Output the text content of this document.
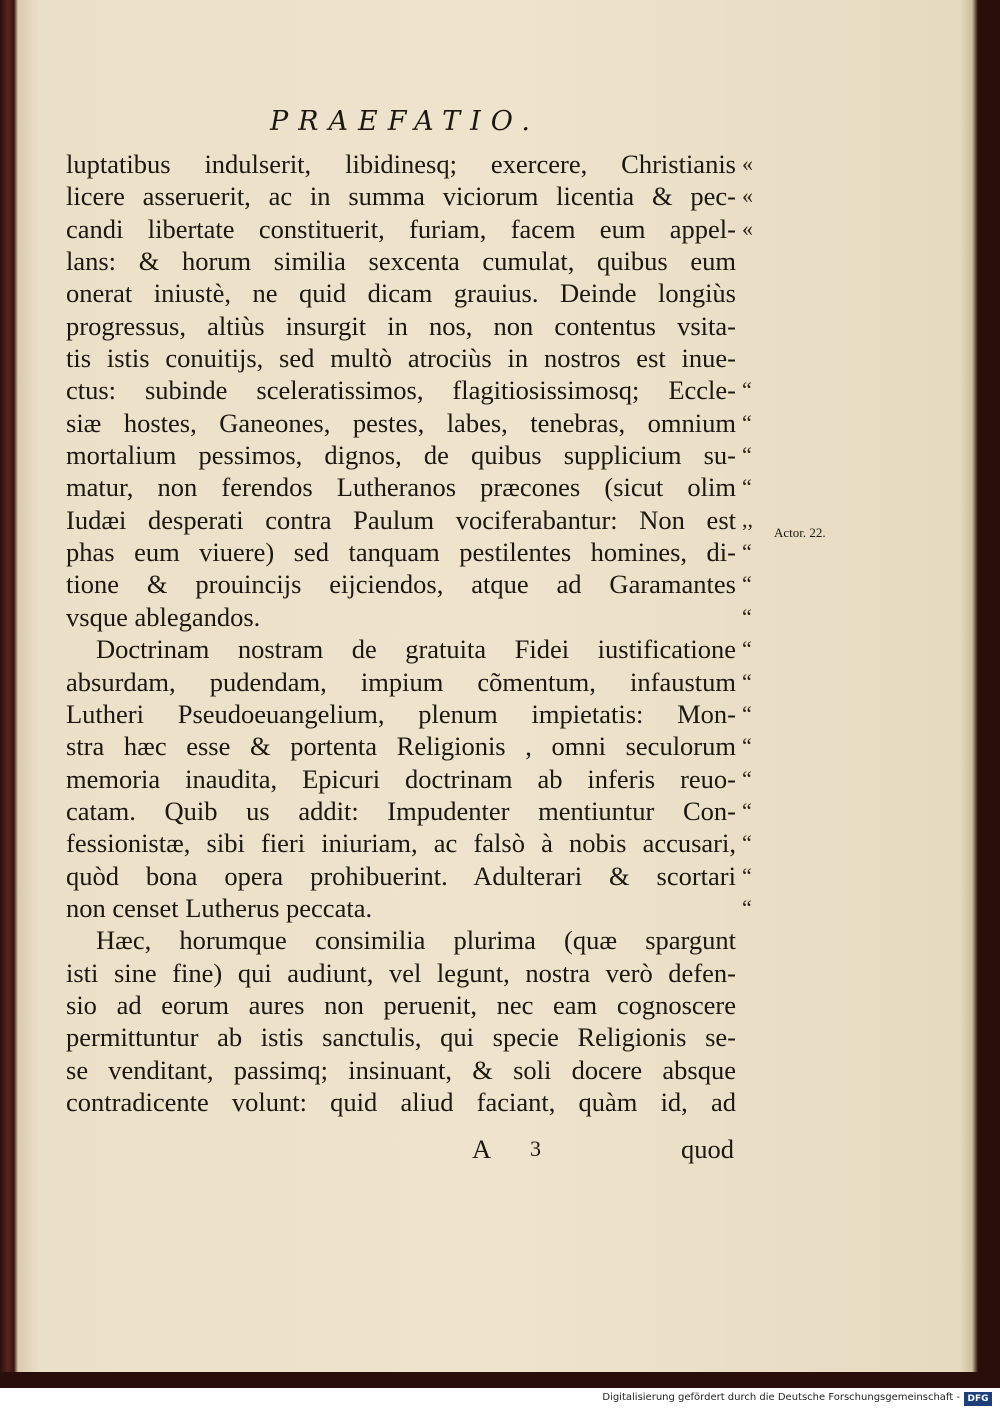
PRAEFATIO.
luptatibus indulserit, libidinesq; exercere, Christianis «
licere asseruerit, ac in summa viciorum licentia & pec- «
candi libertate constituerit, furiam, facem eum appel- «
lans: & horum similia sexcenta cumulat, quibus eum
onerat iniustè, ne quid dicam grauius. Deinde longiùs
progressus, altiùs insurgit in nos, non contentus vsita-
tis istis conuitijs, sed multò atrociùs in nostros est inue-
ctus: subinde sceleratissimos, flagitiosissimosq; Eccle- “
siæ hostes, Ganeones, pestes, labes, tenebras, omnium “
mortalium pessimos, dignos, de quibus supplicium su- “
matur, non ferendos Lutheranos præcones (sicut olim “
Iudæi desperati contra Paulum vociferabantur: Non est ,,
phas eum viuere) sed tanquam pestilentes homines, di- “
tione & prouincijs eijciendos, atque ad Garamantes “
vsque ablegandos.	“
Doctrinam nostram de gratuita Fidei iustificatione “
absurdam, pudendam, impium cõmentum, infaustum “
Lutheri Pseudoeuangelium, plenum impietatis: Mon- “
stra hæc esse & portenta Religionis , omni seculorum “
memoria inaudita, Epicuri doctrinam ab inferis reuo- “
catam. Quib us addit: Impudenter mentiuntur Con- “
fessionistæ, sibi fieri iniuriam, ac falsò à nobis accusari, “
quòd bona opera prohibuerint. Adulterari & scortari “
non censet Lutherus peccata.	“
Hæc, horumque consimilia plurima (quæ spargunt
isti sine fine) qui audiunt, vel legunt, nostra verò defen-
sio ad eorum aures non peruenit, nec eam cognoscere
permittuntur ab istis sanctulis, qui specie Religionis se-
se venditant, passimq; insinuant, & soli docere absque
contradicente volunt: quid aliud faciant, quàm id, ad
Actor. 22.
A 3	quod
Digitalisierung gefördert durch die Deutsche Forschungsgemeinschaft - DFG
